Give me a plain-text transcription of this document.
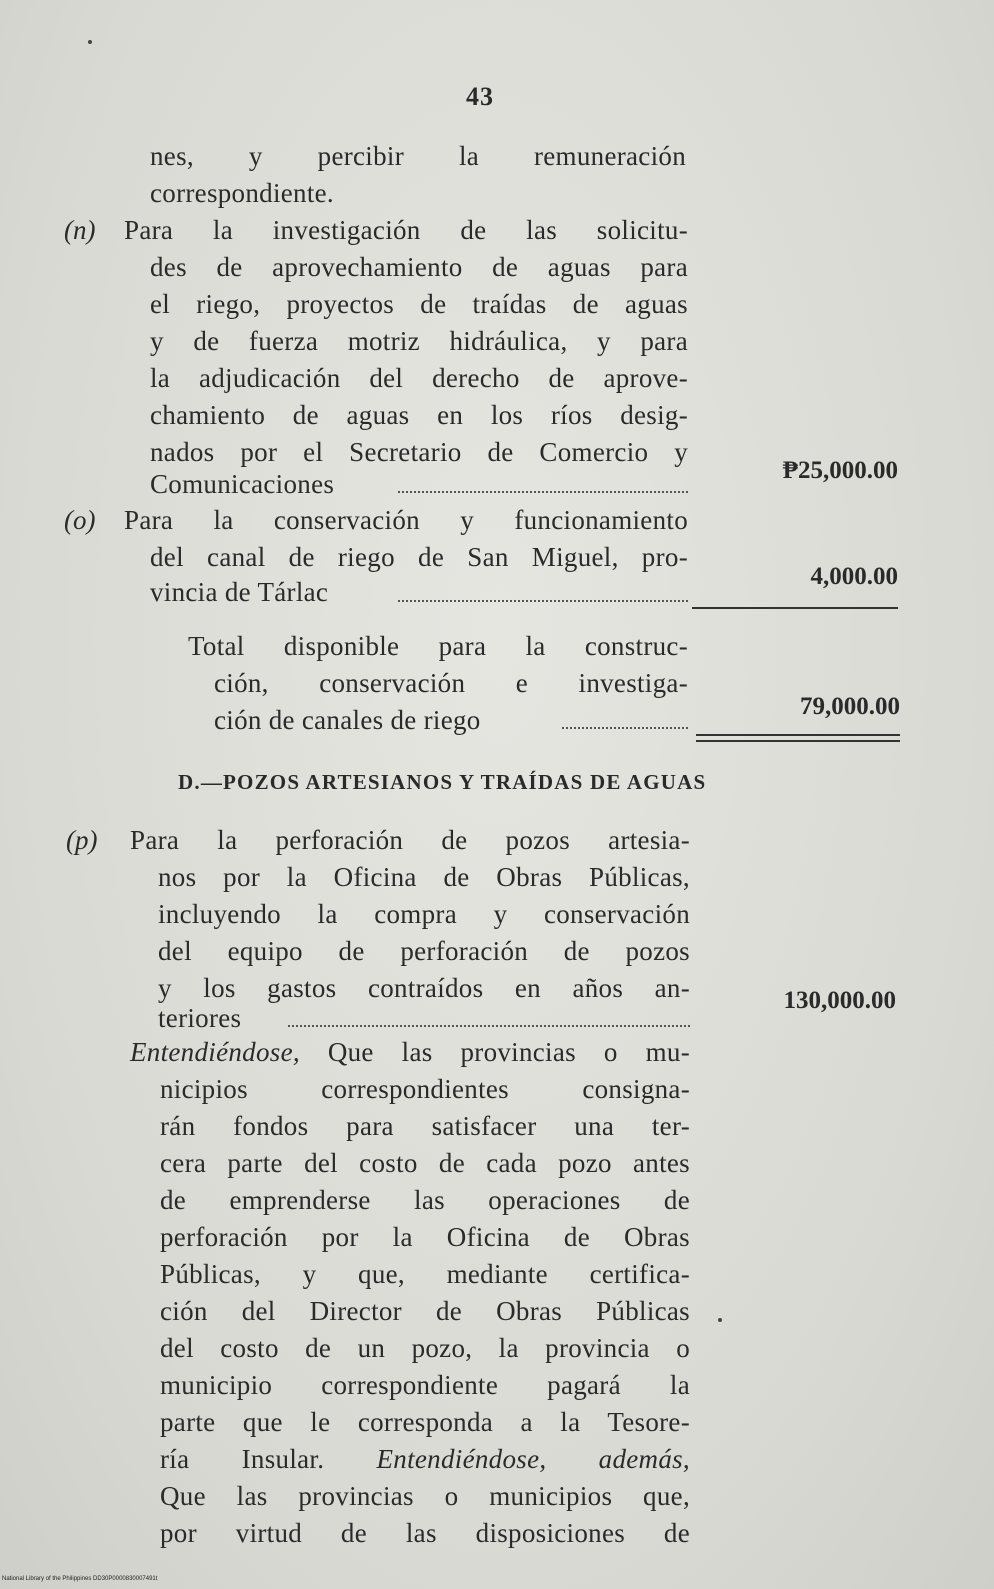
43
nes, y percibir la remuneración
correspondiente.
(n) Para la investigación de las solicitu-
des de aprovechamiento de aguas para
el riego, proyectos de traídas de aguas
y de fuerza motriz hidráulica, y para
la adjudicación del derecho de aprove-
chamiento de aguas en los ríos desig-
nados por el Secretario de Comercio y
Comunicaciones	₱25,000.00
(o) Para la conservación y funcionamiento
del canal de riego de San Miguel, pro-
vincia de Tárlac
4,000.00
Total disponible para la construc-
ción, conservación e investiga-
ción de canales de riego	79,000.00
D.—POZOS ARTESIANOS Y TRAÍDAS DE AGUAS
(p) Para la perforación de pozos artesia-
nos por la Oficina de Obras Públicas,
incluyendo la compra y conservación
del equipo de perforación de pozos
y los gastos contraídos en años an-
teriores
130,000.00
Entendiéndose, Que las provincias o mu-
nicipios correspondientes consigna-
rán fondos para satisfacer una ter-
cera parte del costo de cada pozo antes
de emprenderse las operaciones de
perforación por la Oficina de Obras
Públicas, y que, mediante certifica-
ción del Director de Obras Públicas
del costo de un pozo, la provincia o
municipio correspondiente pagará la
parte que le corresponda a la Tesore-
ría Insular. Entendiéndose, además,
Que las provincias o municipios que,
por virtud de las disposiciones de
National Library of the Philippines DD30P0000830007491t
